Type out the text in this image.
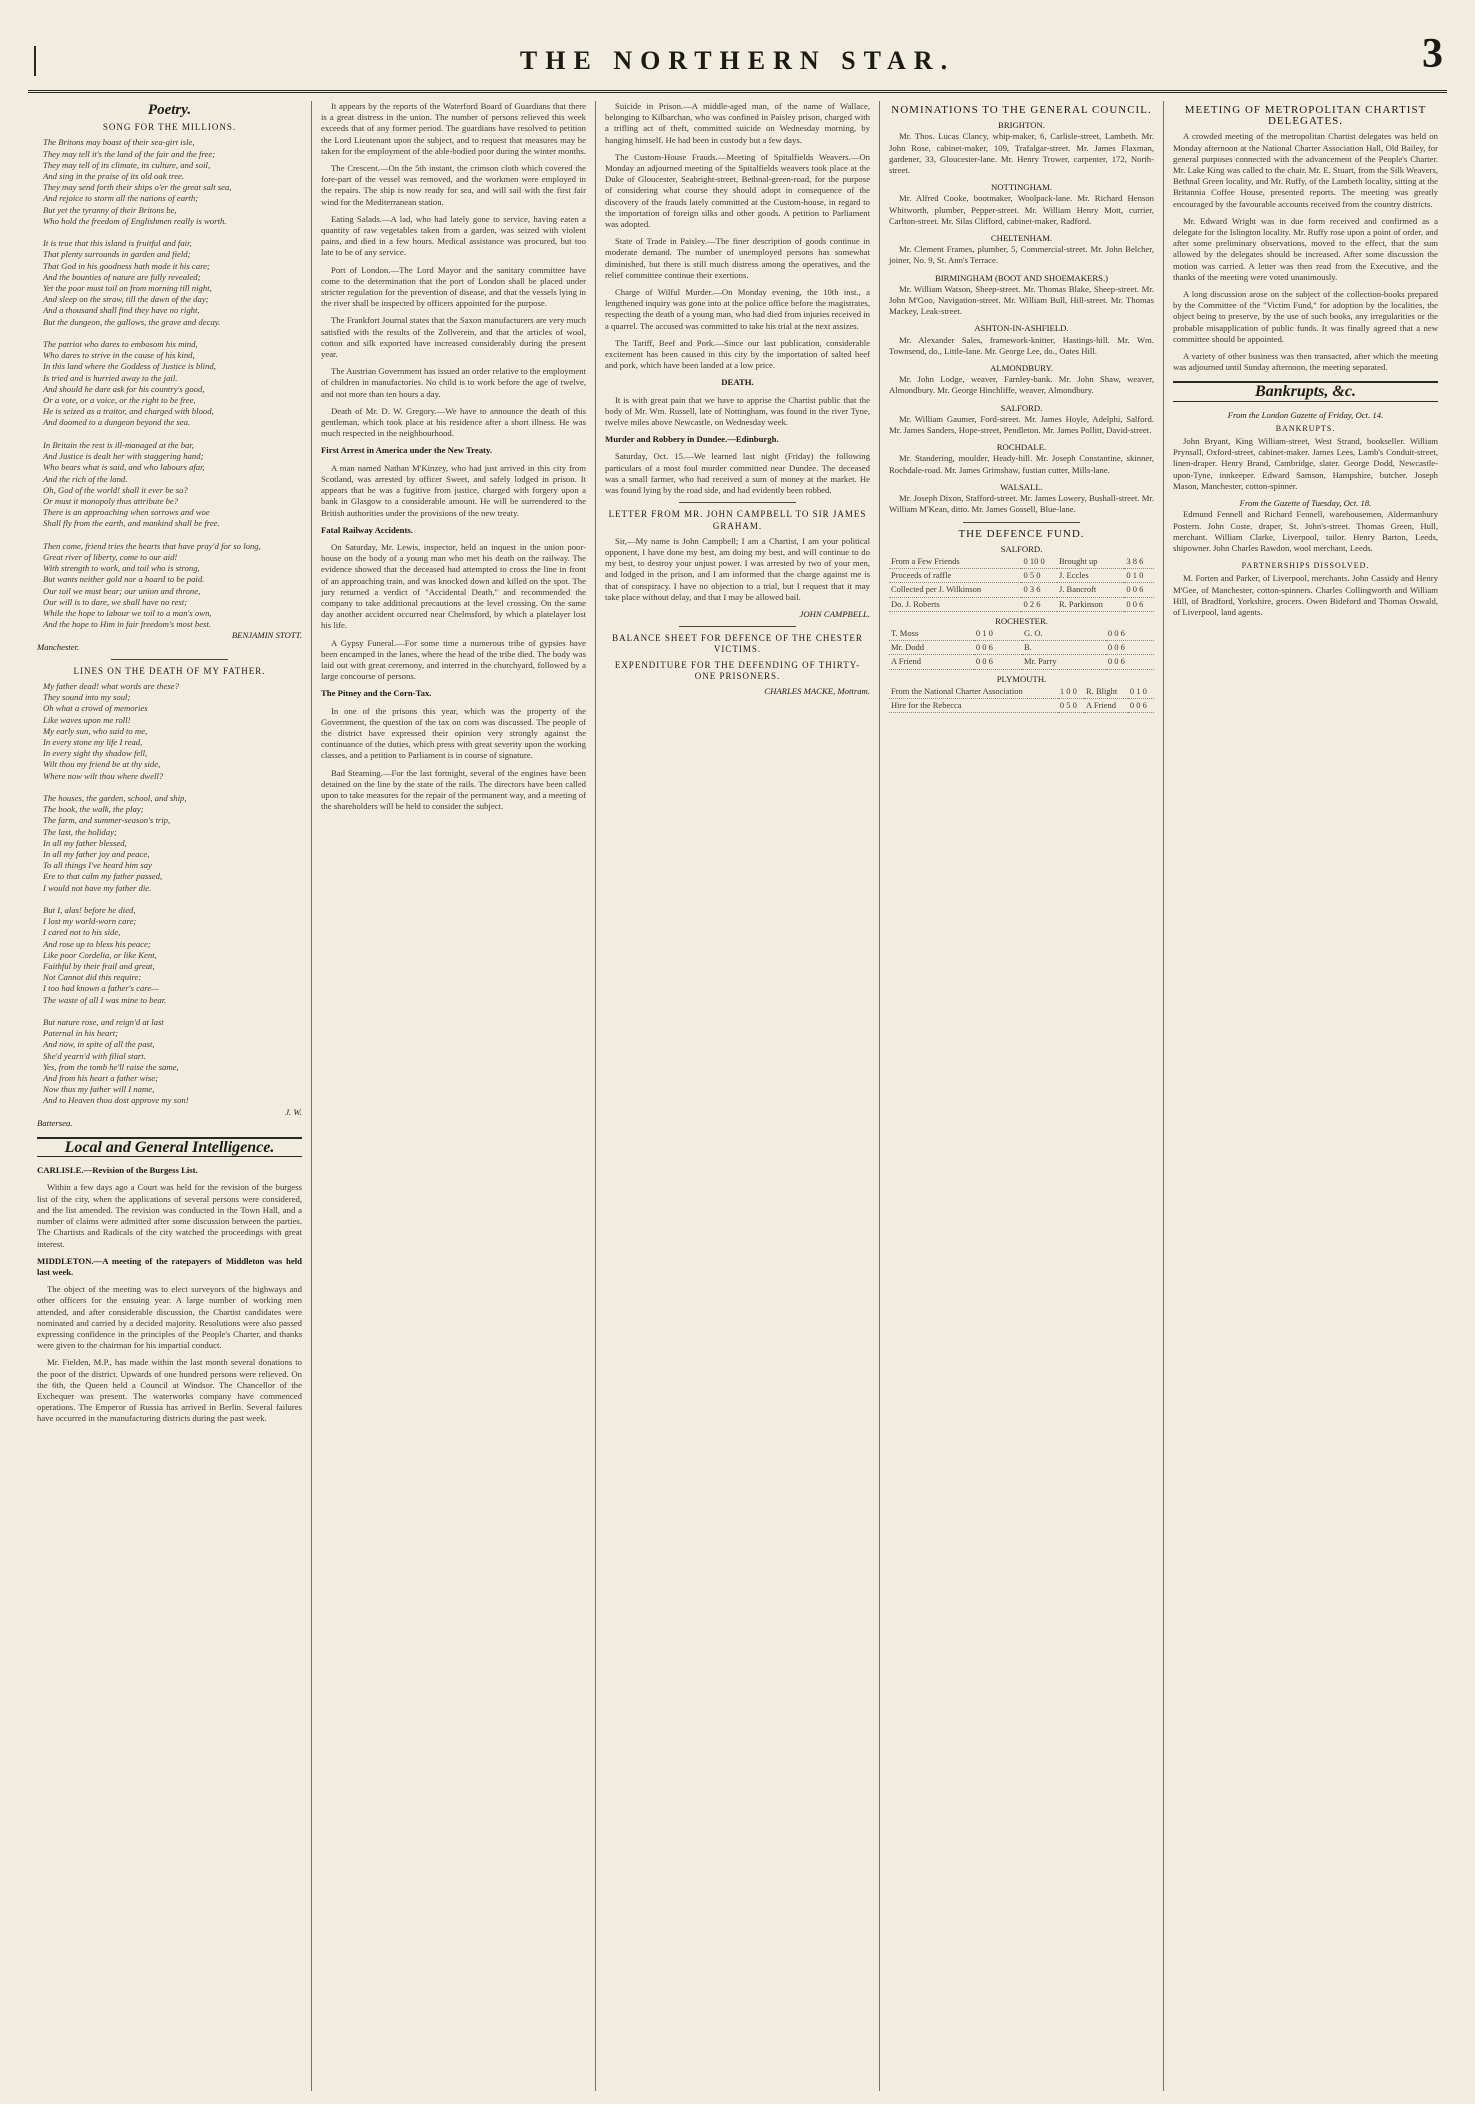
THE NORTHERN STAR.	3
Poetry.
SONG FOR THE MILLIONS.
The Britons may boast of their sea-girt isle,
They may tell it's the land of the fair and the free;
They may tell of its climate, its culture, and soil,
And sing in the praise of its old oak tree.
They may send forth their ships o'er the great salt sea,
And rejoice to storm all the nations of earth;
But yet the tyranny of their Britons be,
Who hold the freedom of Englishmen really is worth.

It is true that this island is fruitful and fair,
That plenty surrounds in garden and field;
That God in his goodness hath made it his care;
And the bounties of nature are fully revealed;
Yet the poor must toil on from morning till night,
And sleep on the straw, till the dawn of the day;
And a thousand shall find they have no right,
But the dungeon, the gallows, the grave and decay.

The patriot who dares to embosom his mind,
Who dares to strive in the cause of his kind,
In this land where the Goddess of Justice is blind,
Is tried and is hurried away to the jail.
And should he dare ask for his country's good,
Or a vote, or a voice, or the right to be free,
He is seized as a traitor, and charged with blood,
And doomed to a dungeon beyond the sea.

In Britain the rest is ill-managed at the bar,
And Justice is dealt her with staggering hand;
Who bears what is said, and who labours afar,
And the rich of the land.
Oh, God of the world! shall it ever be so?
Or must it monopoly thus attribute be?
There is an approaching when sorrows and woe
Shall fly from the earth, and mankind shall be free.

Then come, friend tries the hearts that have pray'd for so long,
Great river of liberty, come to our aid!
With strength to work, and toil who is strong,
But wants neither gold nor a hoard to be paid.
Our toil we must bear; our union and throne,
Our will is to dare, we shall have no rest;
While the hope to labour we toil to a man's own,
And the hope to Him in fair freedom's most best.
BENJAMIN STOTT.
Manchester.
LINES ON THE DEATH OF MY FATHER.
My father dead! what words are these?
They sound into my soul;
Oh what a crowd of memories
Like waves upon me roll!
My early sun, who said to me,
In every stone my life I read,
In every sight thy shadow fell,
Wilt thou my friend be at thy side,
Where now wilt thou where dwell?

The houses, the garden, school, and ship,
The book, the walk, the play;
The farm, and summer-season's trip,
The last, the holiday;
In all my father blessed,
In all my father joy and peace,
To all things I've heard him say
Ere to that calm my father passed,
I would not have my father die.

But I, alas! before he died,
I lost my world-worn care;
I cared not to his side,
And rose up to bless his peace;
Like poor Cordelia, or like Kent,
Faithful by their frail and great,
Not Cannot did this require:
I too had known a father's care—
The waste of all I was mine to bear.

But nature rose, and reign'd at last
Paternal in his heart;
And now, in spite of all the past,
She'd yearn'd with filial start.
Yes, from the tomb he'll raise the same,
And from his heart a father wise;
Now thus my father will I name,
And to Heaven thou dost approve my son!
J. W.
Battersea.
Local and General Intelligence.

CARLISLE.—Revision of the Burgess List.

Within a few days ago a Court was held for the revision of the burgess list of the city, when the applications of several persons were considered, and the list amended. The revision was conducted in the Town Hall, and a number of claims were admitted after some discussion between the parties. The Chartists and Radicals of the city watched the proceedings with great interest.

MIDDLETON.—A meeting of the ratepayers of Middleton was held last week.

The object of the meeting was to elect surveyors of the highways and other officers for the ensuing year. A large number of working men attended, and after considerable discussion, the Chartist candidates were nominated and carried by a decided majority. Resolutions were also passed expressing confidence in the principles of the People's Charter, and thanks were given to the chairman for his impartial conduct.

Mr. Fielden, M.P., has made within the last month several donations to the poor of the district. Upwards of one hundred persons were relieved. On the 6th, the Queen held a Council at Windsor. The Chancellor of the Exchequer was present. The waterworks company have commenced operations. The Emperor of Russia has arrived in Berlin. Several failures have occurred in the manufacturing districts during the past week.

It appears by the reports of the Waterford Board of Guardians that there is a great distress in the union. The number of persons relieved this week exceeds that of any former period. The guardians have resolved to petition the Lord Lieutenant upon the subject, and to request that measures may be taken for the employment of the able-bodied poor during the winter months.

The Crescent.—On the 5th instant, the crimson cloth which covered the fore-part of the vessel was removed, and the workmen were employed in the repairs. The ship is now ready for sea, and will sail with the first fair wind for the Mediterranean station.

Eating Salads.—A lad, who had lately gone to service, having eaten a quantity of raw vegetables taken from a garden, was seized with violent pains, and died in a few hours. Medical assistance was procured, but too late to be of any service.

Port of London.—The Lord Mayor and the sanitary committee have come to the determination that the port of London shall be placed under stricter regulation for the prevention of disease, and that the vessels lying in the river shall be inspected by officers appointed for the purpose.

The Frankfort Journal states that the Saxon manufacturers are very much satisfied with the results of the Zollverein, and that the articles of wool, cotton and silk exported have increased considerably during the present year.

The Austrian Government has issued an order relative to the employment of children in manufactories. No child is to work before the age of twelve, and not more than ten hours a day.

Death of Mr. D. W. Gregory.—We have to announce the death of this gentleman, which took place at his residence after a short illness. He was much respected in the neighbourhood.

First Arrest in America under the New Treaty.

A man named Nathan M'Kinzey, who had just arrived in this city from Scotland, was arrested by officer Sweet, and safely lodged in prison. It appears that he was a fugitive from justice, charged with forgery upon a bank in Glasgow to a considerable amount. He will be surrendered to the British authorities under the provisions of the new treaty.

Fatal Railway Accidents.

On Saturday, Mr. Lewis, inspector, held an inquest in the union poor-house on the body of a young man who met his death on the railway. The evidence showed that the deceased had attempted to cross the line in front of an approaching train, and was knocked down and killed on the spot. The jury returned a verdict of "Accidental Death," and recommended the company to take additional precautions at the level crossing. On the same day another accident occurred near Chelmsford, by which a platelayer lost his life.

A Gypsy Funeral.—For some time a numerous tribe of gypsies have been encamped in the lanes, where the head of the tribe died. The body was laid out with great ceremony, and interred in the churchyard, followed by a large concourse of persons.

The Pitney and the Corn-Tax.

In one of the prisons this year, which was the property of the Government, the question of the tax on corn was discussed. The people of the district have expressed their opinion very strongly against the continuance of the duties, which press with great severity upon the working classes, and a petition to Parliament is in course of signature.

Bad Steaming.—For the last fortnight, several of the engines have been detained on the line by the state of the rails. The directors have been called upon to take measures for the repair of the permanent way, and a meeting of the shareholders will be held to consider the subject.

Suicide in Prison.—A middle-aged man, of the name of Wallace, belonging to Kilbarchan, who was confined in Paisley prison, charged with a trifling act of theft, committed suicide on Wednesday morning, by hanging himself. He had been in custody but a few days.

The Custom-House Frauds.—Meeting of Spitalfields Weavers.—On Monday an adjourned meeting of the Spitalfields weavers took place at the Duke of Gloucester, Seabright-street, Bethnal-green-road, for the purpose of considering what course they should adopt in consequence of the discovery of the frauds lately committed at the Custom-house, in regard to the importation of foreign silks and other goods. A petition to Parliament was adopted.

State of Trade in Paisley.—The finer description of goods continue in moderate demand. The number of unemployed persons has somewhat diminished, but there is still much distress among the operatives, and the relief committee continue their exertions.

Charge of Wilful Murder.—On Monday evening, the 10th inst., a lengthened inquiry was gone into at the police office before the magistrates, respecting the death of a young man, who had died from injuries received in a quarrel. The accused was committed to take his trial at the next assizes.

The Tariff, Beef and Pork.—Since our last publication, considerable excitement has been caused in this city by the importation of salted beef and pork, which have been landed at a low price.

DEATH.

It is with great pain that we have to apprise the Chartist public that the body of Mr. Wm. Russell, late of Nottingham, was found in the river Tyne, twelve miles above Newcastle, on Wednesday week.

Murder and Robbery in Dundee.—Edinburgh.

Saturday, Oct. 15.—We learned last night (Friday) the following particulars of a most foul murder committed near Dundee. The deceased was a small farmer, who had received a sum of money at the market. He was found lying by the road side, and had evidently been robbed.

LETTER FROM MR. JOHN CAMPBELL TO SIR JAMES GRAHAM.

Sir,—My name is John Campbell; I am a Chartist, I am your political opponent, I have done my best, am doing my best, and will continue to do my best, to destroy your unjust power. I was arrested by two of your men, and lodged in the prison, and I am informed that the charge against me is that of conspiracy. I have no objection to a trial, but I request that it may take place without delay, and that I may be allowed bail.

JOHN CAMPBELL.
BALANCE SHEET FOR DEFENCE OF THE CHESTER VICTIMS.
EXPENDITURE FOR THE DEFENDING OF THIRTY-ONE PRISONERS.
CHARLES MACKE, Mottram.
NOMINATIONS TO THE GENERAL COUNCIL.
BRIGHTON.

Mr. Thos. Lucas Clancy, whip-maker, 6, Carlisle-street, Lambeth. Mr. John Rose, cabinet-maker, 109, Trafalgar-street. Mr. James Flaxman, gardener, 33, Gloucester-lane. Mr. Henry Trower, carpenter, 172, North-street.

NOTTINGHAM.

Mr. Alfred Cooke, bootmaker, Woolpack-lane. Mr. Richard Henson Whitworth, plumber, Pepper-street. Mr. William Henry Mott, currier, Carlton-street. Mr. Silas Clifford, cabinet-maker, Radford.

CHELTENHAM.

Mr. Clement Frames, plumber, 5, Commercial-street. Mr. John Belcher, joiner, No. 9, St. Ann's Terrace.

BIRMINGHAM (BOOT AND SHOEMAKERS.)

Mr. William Watson, Sheep-street. Mr. Thomas Blake, Sheep-street. Mr. John M'Goo, Navigation-street. Mr. William Bull, Hill-street. Mr. Thomas Mackey, Leak-street.

ASHTON-IN-ASHFIELD.

Mr. Alexander Sales, framework-knitter, Hastings-hill. Mr. Wm. Townsend, do., Little-lane. Mr. George Lee, do., Oates Hill.

ALMONDBURY.

Mr. John Lodge, weaver, Farnley-bank. Mr. John Shaw, weaver, Almondbury. Mr. George Hinchliffe, weaver, Almondbury.

SALFORD.

Mr. William Gaumer, Ford-street. Mr. James Hoyle, Adelphi, Salford. Mr. James Sanders, Hope-street, Pendleton. Mr. James Pollitt, David-street.

ROCHDALE.

Mr. Standering, moulder, Heady-hill. Mr. Joseph Constantine, skinner, Rochdale-road. Mr. James Grimshaw, fustian cutter, Mills-lane.

WALSALL.

Mr. Joseph Dixon, Stafford-street. Mr. James Lowery, Bushall-street. Mr. William M'Kean, ditto. Mr. James Gossell, Blue-lane.

THE DEFENCE FUND.
SALFORD.
From a Few Friends	0 10 0	Brought up	3 8 6
Proceeds of raffle	0 5 0	J. Eccles	0 1 0
Collected per J. Wilkinson	0 3 6	J. Bancroft	0 0 6
Do. J. Roberts	0 2 6	R. Parkinson	0 0 6
ROCHESTER.
T. Moss	0 1 0	G. O.	0 0 6
Mr. Dodd	0 0 6	B.	0 0 6
A Friend	0 0 6	Mr. Parry	0 0 6
PLYMOUTH.
From the National Charter Association	1 0 0	R. Blight	0 1 0
Hire for the Rebecca	0 5 0	A Friend	0 0 6
MEETING OF METROPOLITAN CHARTIST DELEGATES.

A crowded meeting of the metropolitan Chartist delegates was held on Monday afternoon at the National Charter Association Hall, Old Bailey, for general purposes connected with the advancement of the People's Charter. Mr. Lake King was called to the chair. Mr. E. Stuart, from the Silk Weavers, Bethnal Green locality, and Mr. Ruffy, of the Lambeth locality, sitting at the Britannia Coffee House, presented reports. The meeting was greatly encouraged by the favourable accounts received from the country districts.

Mr. Edward Wright was in due form received and confirmed as a delegate for the Islington locality. Mr. Ruffy rose upon a point of order, and after some preliminary observations, moved to the effect, that the sum allowed by the delegates should be increased. After some discussion the motion was carried. A letter was then read from the Executive, and the thanks of the meeting were voted unanimously.

A long discussion arose on the subject of the collection-books prepared by the Committee of the "Victim Fund," for adoption by the localities, the object being to preserve, by the use of such books, any irregularities or the probable misapplication of public funds. It was finally agreed that a new committee should be appointed.

A variety of other business was then transacted, after which the meeting was adjourned until Sunday afternoon, the meeting separated.

Bankrupts, &c.
From the London Gazette of Friday, Oct. 14.
BANKRUPTS.

John Bryant, King William-street, West Strand, bookseller. William Prynsall, Oxford-street, cabinet-maker. James Lees, Lamb's Conduit-street, linen-draper. Henry Brand, Cambridge, slater. George Dodd, Newcastle-upon-Tyne, innkeeper. Edward Samson, Hampshire, butcher. Joseph Mason, Manchester, cotton-spinner.

From the Gazette of Tuesday, Oct. 18.

Edmund Fennell and Richard Fennell, warehousemen, Aldermanbury Postern. John Coste, draper, St. John's-street. Thomas Green, Hull, merchant. William Clarke, Liverpool, tailor. Henry Barton, Leeds, shipowner. John Charles Rawdon, wool merchant, Leeds.

PARTNERSHIPS DISSOLVED.

M. Forten and Parker, of Liverpool, merchants. John Cassidy and Henry M'Gee, of Manchester, cotton-spinners. Charles Collingworth and William Hill, of Bradford, Yorkshire, grocers. Owen Bideford and Thomas Oswald, of Liverpool, land agents.
